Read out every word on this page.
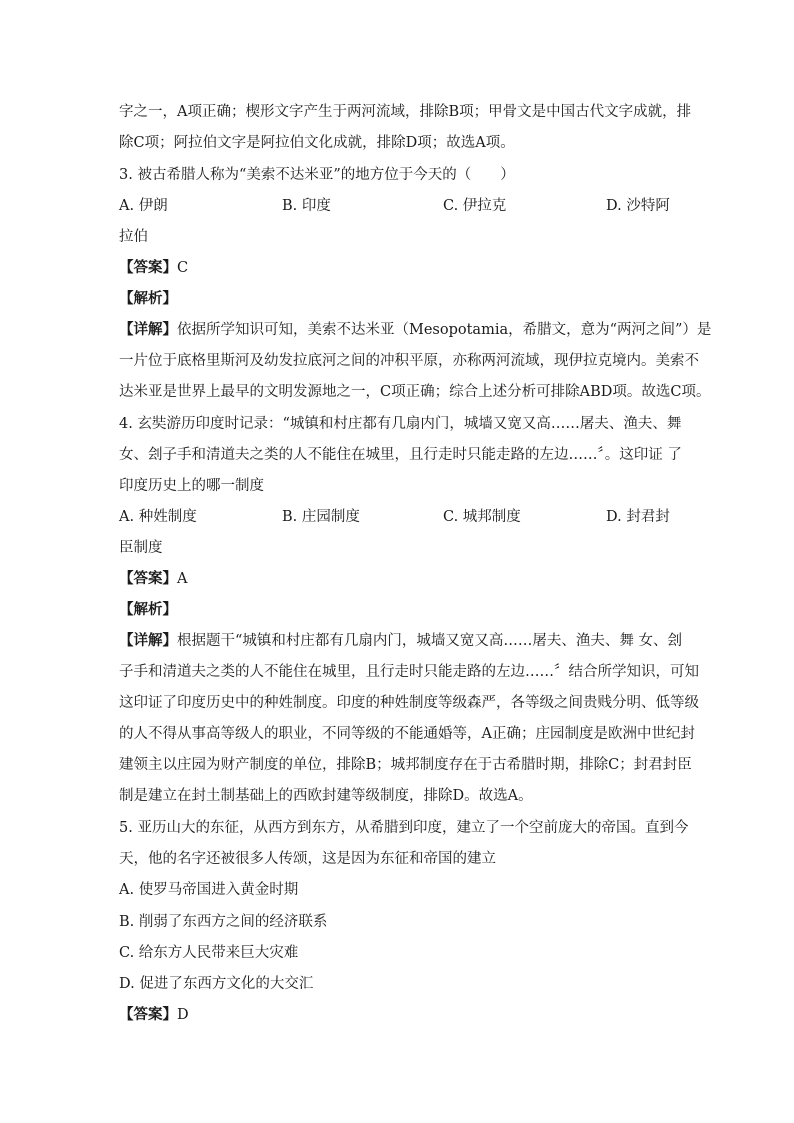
字之一，A项正确；楔形文字产生于两河流域，排除B项；甲骨文是中国古代文字成就，排
除C项；阿拉伯文字是阿拉伯文化成就，排除D项；故选A项。
3. 被古希腊人称为“美索不达米亚”的地方位于今天的（　　）
A. 伊朗	B. 印度	C. 伊拉克	D. 沙特阿
拉伯
【答案】C
【解析】
【详解】依据所学知识可知，美索不达米亚（Mesopotamia，希腊文，意为“两河之间”）是
一片位于底格里斯河及幼发拉底河之间的冲积平原，亦称两河流域，现伊拉克境内。美索不
达米亚是世界上最早的文明发源地之一，C项正确；综合上述分析可排除ABD项。故选C项。
4. 玄奘游历印度时记录：“城镇和村庄都有几扇内门，城墙又宽又高……屠夫、渔夫、舞
女、刽子手和清道夫之类的人不能住在城里，且行走时只能走路的左边……〞。这印证 了
印度历史上的哪一制度
A. 种姓制度	B. 庄园制度	C. 城邦制度	D. 封君封
臣制度
【答案】A
【解析】
【详解】根据题干“城镇和村庄都有几扇内门，城墙又宽又高……屠夫、渔夫、舞 女、刽
子手和清道夫之类的人不能住在城里，且行走时只能走路的左边……〞结合所学知识，可知
这印证了印度历史中的种姓制度。印度的种姓制度等级森严，各等级之间贵贱分明、低等级
的人不得从事高等级人的职业，不同等级的不能通婚等，A正确；庄园制度是欧洲中世纪封
建领主以庄园为财产制度的单位，排除B；城邦制度存在于古希腊时期，排除C；封君封臣
制是建立在封土制基础上的西欧封建等级制度，排除D。故选A。
5. 亚历山大的东征，从西方到东方，从希腊到印度，建立了一个空前庞大的帝国。直到今
天，他的名字还被很多人传颂，这是因为东征和帝国的建立
A. 使罗马帝国进入黄金时期
B. 削弱了东西方之间的经济联系
C. 给东方人民带来巨大灾难
D. 促进了东西方文化的大交汇
【答案】D
